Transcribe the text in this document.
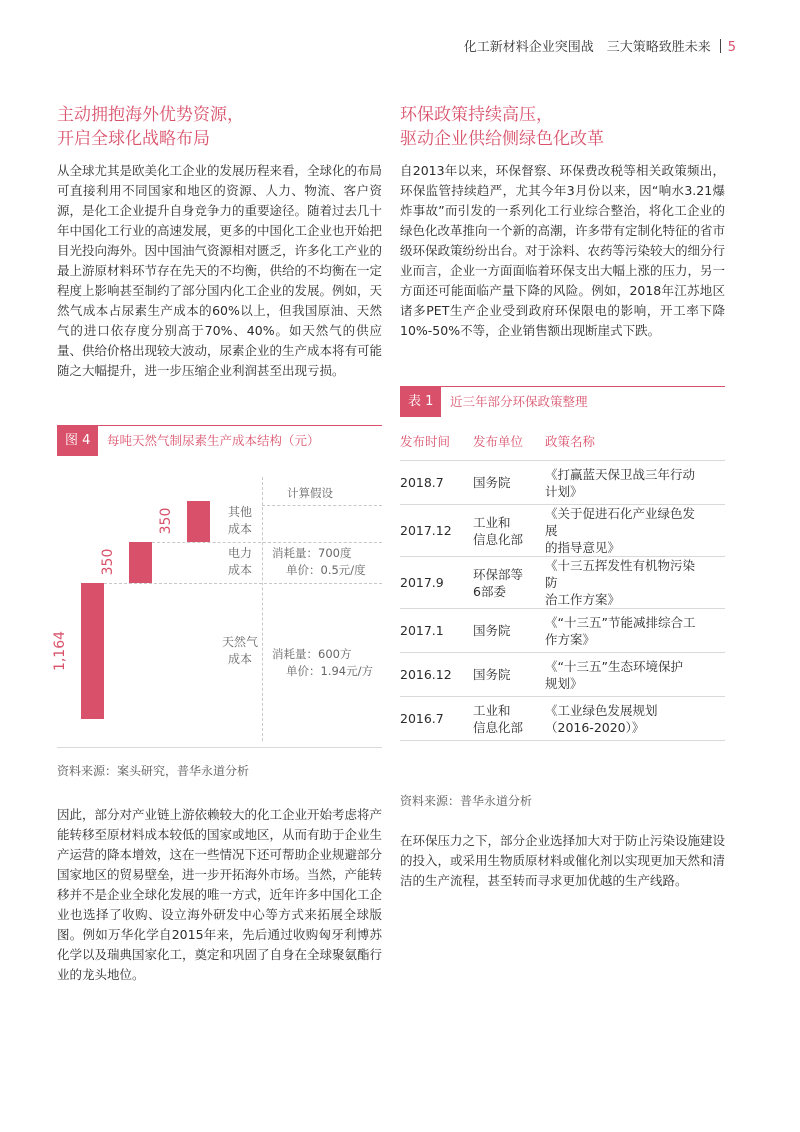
化工新材料企业突围战　三大策略致胜未来 5
主动拥抱海外优势资源，
开启全球化战略布局

从全球尤其是欧美化工企业的发展历程来看，全球化的布局可直接利用不同国家和地区的资源、人力、物流、客户资源，是化工企业提升自身竞争力的重要途径。随着过去几十年中国化工行业的高速发展，更多的中国化工企业也开始把目光投向海外。因中国油气资源相对匮乏，许多化工产业的最上游原材料环节存在先天的不均衡，供给的不均衡在一定程度上影响甚至制约了部分国内化工企业的发展。例如，天然气成本占尿素生产成本的60%以上，但我国原油、天然气的进口依存度分别高于70%、40%。如天然气的供应量、供给价格出现较大波动，尿素企业的生产成本将有可能随之大幅提升，进一步压缩企业利润甚至出现亏损。

图 4	每吨天然气制尿素生产成本结构（元）
计算假设
1,164
350
350
天然气
成本
电力
成本
其他
成本
消耗量：600方
单价：1.94元/方
消耗量：700度
单价：0.5元/度
资料来源：案头研究，普华永道分析

因此，部分对产业链上游依赖较大的化工企业开始考虑将产能转移至原材料成本较低的国家或地区，从而有助于企业生产运营的降本增效，这在一些情况下还可帮助企业规避部分国家地区的贸易壁垒，进一步开拓海外市场。当然，产能转移并不是企业全球化发展的唯一方式，近年许多中国化工企业也选择了收购、设立海外研发中心等方式来拓展全球版图。例如万华化学自2015年来，先后通过收购匈牙利博苏化学以及瑞典国家化工，奠定和巩固了自身在全球聚氨酯行业的龙头地位。

环保政策持续高压，
驱动企业供给侧绿色化改革

自2013年以来，环保督察、环保费改税等相关政策频出，环保监管持续趋严，尤其今年3月份以来，因“响水3.21爆炸事故”而引发的一系列化工行业综合整治，将化工企业的绿色化改革推向一个新的高潮，许多带有定制化特征的省市级环保政策纷纷出台。对于涂料、农药等污染较大的细分行业而言，企业一方面面临着环保支出大幅上涨的压力，另一方面还可能面临产量下降的风险。例如，2018年江苏地区诸多PET生产企业受到政府环保限电的影响，开工率下降10%-50%不等，企业销售额出现断崖式下跌。

表 1	近三年部分环保政策整理
发布时间	发布单位	政策名称
2018.7	国务院	《打赢蓝天保卫战三年行动
计划》
2017.12	工业和
信息化部	《关于促进石化产业绿色发展
的指导意见》
2017.9	环保部等
6部委	《十三五挥发性有机物污染防
治工作方案》
2017.1	国务院	《“十三五”节能减排综合工
作方案》
2016.12	国务院	《“十三五”生态环境保护
规划》
2016.7	工业和
信息化部	《工业绿色发展规划
（2016-2020）》
资料来源：普华永道分析

在环保压力之下，部分企业选择加大对于防止污染设施建设的投入，或采用生物质原材料或催化剂以实现更加天然和清洁的生产流程，甚至转而寻求更加优越的生产线路。
